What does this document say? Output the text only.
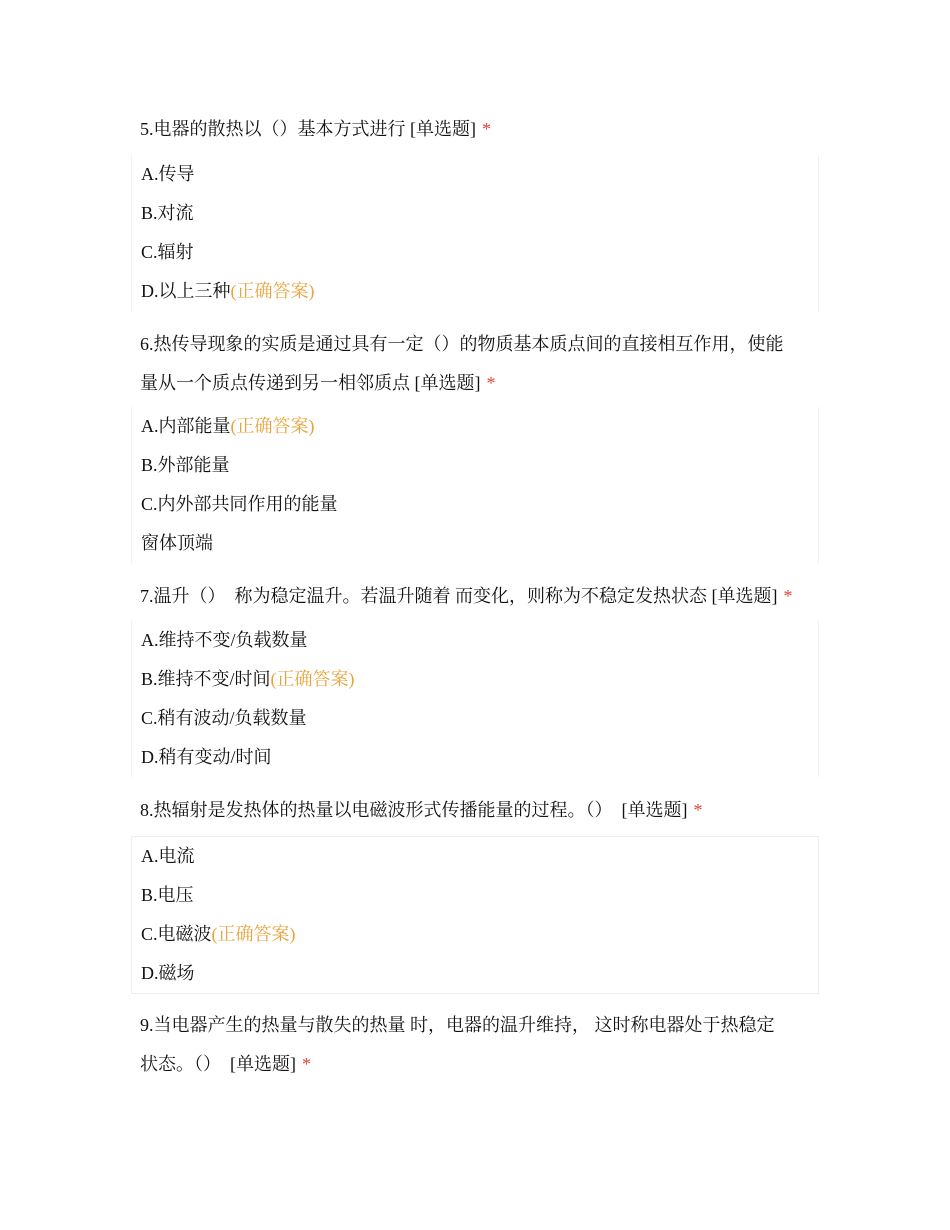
5.电器的散热以（）基本方式进行 [单选题] *

A.传导
B.对流
C.辐射
D.以上三种(正确答案)

6.热传导现象的实质是通过具有一定（）的物质基本质点间的直接相互作用，使能

量从一个质点传递到另一相邻质点 [单选题] *

A.内部能量(正确答案)
B.外部能量
C.内外部共同作用的能量
窗体顶端

7.温升（）  称为稳定温升。若温升随着 而变化，则称为不稳定发热状态 [单选题] *

A.维持不变/负载数量
B.维持不变/时间(正确答案)
C.稍有波动/负载数量
D.稍有变动/时间

8.热辐射是发热体的热量以电磁波形式传播能量的过程。（）  [单选题] *

A.电流
B.电压
C.电磁波(正确答案)
D.磁场

9.当电器产生的热量与散失的热量 时，电器的温升维持， 这时称电器处于热稳定

状态。（）  [单选题] *
